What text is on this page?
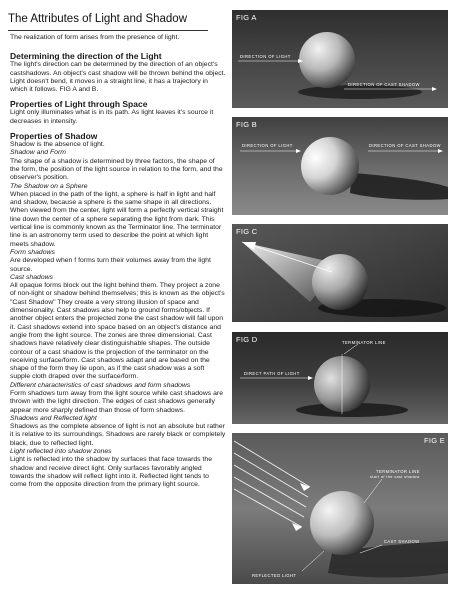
The Attributes of Light and Shadow

The realization of form arises from the presence of light.

Determining the direction of the Light

The light's direction can be determined by the direction of an object's castshadows. An object's cast shadow will be thrown behind the object. Light doesn't bend, it moves in a straight line, it has a trajectory in which it follows. FIG A and B.

Properties of Light through Space

Light only illuminates what is in its path. As light leaves it's source it decreases in intensity.

Properties of Shadow

Shadow is the absence of light.

Shadow and Form

The shape of a shadow is determined by three factors, the shape of the form, the position of the light source in relation to the form, and the observer's position.

The Shadow on a Sphere

When placed in the path of the light, a sphere is half in light and half and shadow, because a sphere is the same shape in all directions. When viewed from the center, light will form a perfectly vertical straight line down the center of a sphere separating the light from dark. This vertical line is commonly known as the Terminator line. The terminator line is an astronomy term used to describe the point at which light meets shadow.

Form shadows

Are developed when f forms turn their volumes away from the light source.

Cast shadows

All opaque forms block out the light behind them. They project a zone of non-light or shadow behind themselves; this is known as the object's "Cast Shadow" They create a very strong illusion of space and dimensionality. Cast shadows also help to ground forms/objects. If another object enters the projected zone the cast shadow will fall upon it. Cast shadows extend into space based on an object's distance and angle from the light source. The zones are three dimensional. Cast shadows have relatively clear distinguishable shapes. The outside contour of a cast shadow is the projection of the terminator on the receiving surface/form. Cast shadows adapt and are based on the shape of the form they lie upon, as if the cast shadow was a soft supple cloth draped over the surface/form.

Different characteristics of cast shadows and form shadows

Form shadows turn away from the light source while cast shadows are thrown with the light direction. The edges of cast shadows generally appear more sharply defined than those of form shadows.

Shadows and Reflected light

Shadows as the complete absence of light is not an absolute but rather it is relative to its surroundings. Shadows are rarely black or completely black, due to reflected light.

Light reflected into shadow zones

Light is reflected into the shadow by surfaces that face towards the shadow and receive direct light. Only surfaces favorably angled towards the shadow will reflect light into it. Reflected light tends to come from the opposite direction from the primary light source.

FIG A
DIRECTION OF LIGHT
DIRECTION OF CAST SHADOW
FIG B
DIRECTION OF LIGHT	DIRECTION OF CAST SHADOW
FIG C
FIG D	TERMINATOR LINE
DIRECT PATH OF LIGHT
FIG E
TERMINATOR LINE
start of the cast shadow
CAST SHADOW
REFLECTED LIGHT
